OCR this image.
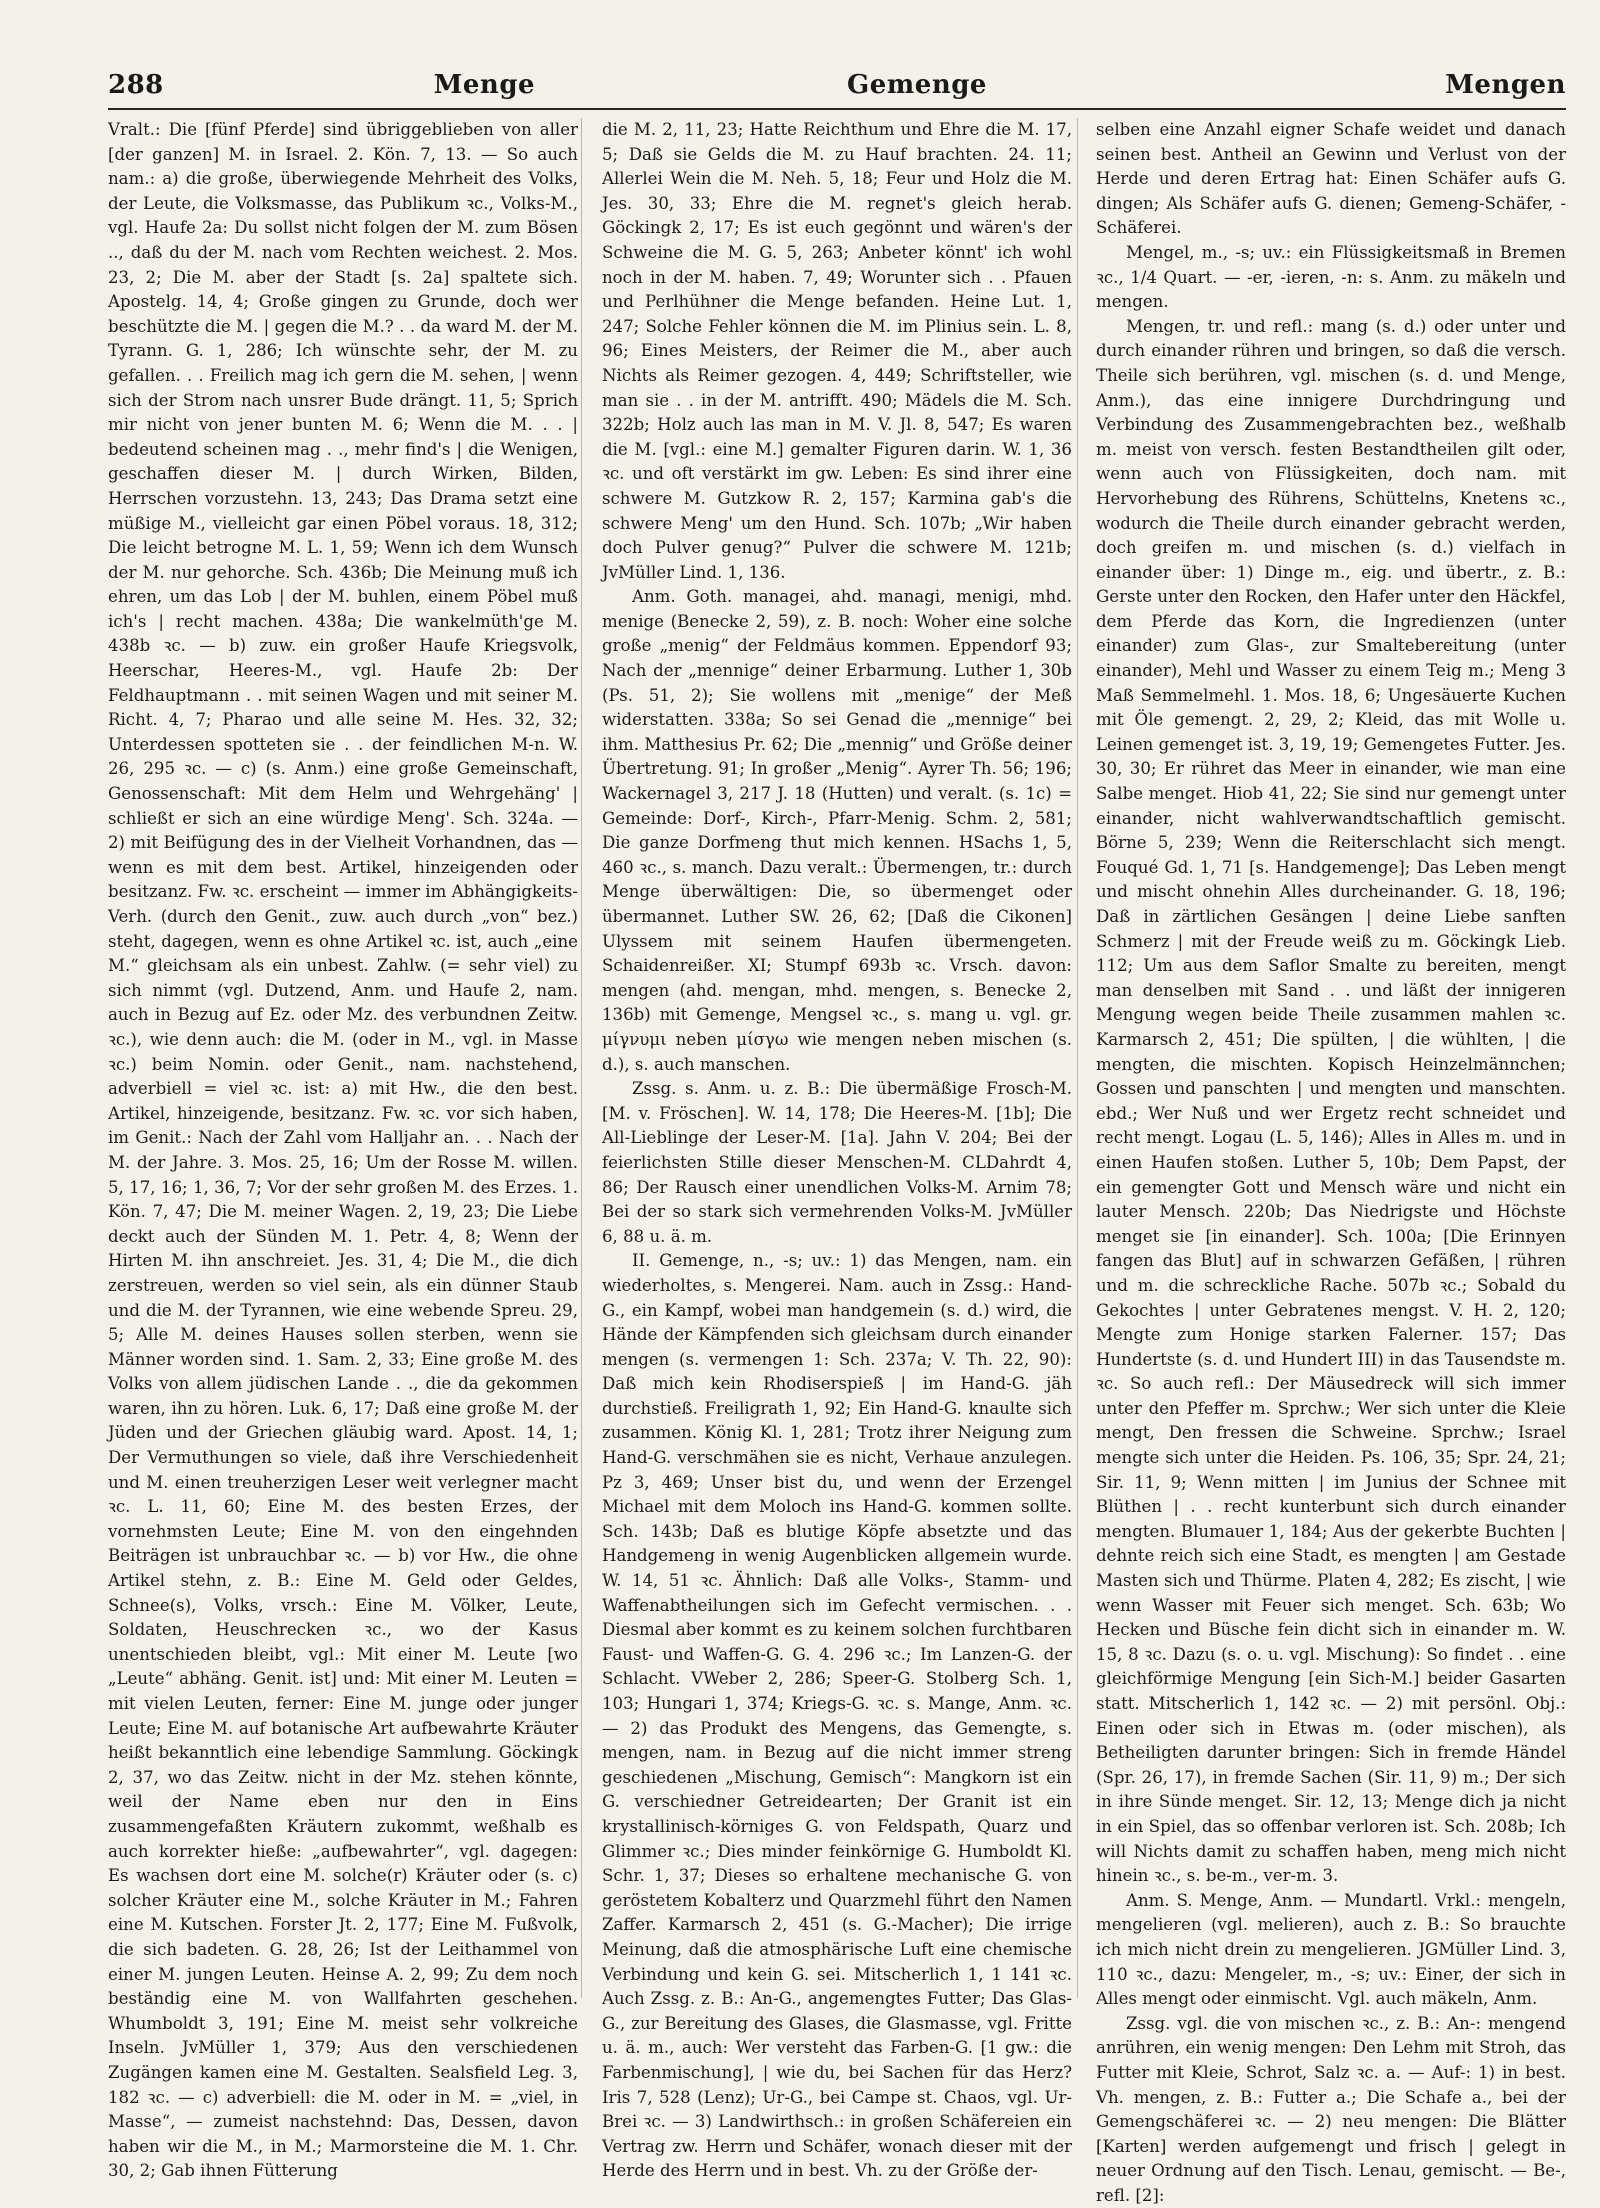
288	Menge	Gemenge	Mengen

Vralt.: Die [fünf Pferde] sind übriggeblieben von aller [der ganzen] M. in Israel. 2. Kön. 7, 13. — So auch nam.: a) die große, überwiegende Mehrheit des Volks, der Leute, die Volksmasse, das Publikum ꝛc., Volks-M., vgl. Haufe 2a: Du sollst nicht folgen der M. zum Bösen .., daß du der M. nach vom Rechten weichest. 2. Mos. 23, 2; Die M. aber der Stadt [s. 2a] spaltete sich. Apostelg. 14, 4; Große gingen zu Grunde, doch wer beschützte die M. | gegen die M.? . . da ward M. der M. Tyrann. G. 1, 286; Ich wünschte sehr, der M. zu gefallen. . . Freilich mag ich gern die M. sehen, | wenn sich der Strom nach unsrer Bude drängt. 11, 5; Sprich mir nicht von jener bunten M. 6; Wenn die M. . . | bedeutend scheinen mag . ., mehr find's | die Wenigen, geschaffen dieser M. | durch Wirken, Bilden, Herrschen vorzustehn. 13, 243; Das Drama setzt eine müßige M., vielleicht gar einen Pöbel voraus. 18, 312; Die leicht betrogne M. L. 1, 59; Wenn ich dem Wunsch der M. nur gehorche. Sch. 436b; Die Meinung muß ich ehren, um das Lob | der M. buhlen, einem Pöbel muß ich's | recht machen. 438a; Die wankelmüth'ge M. 438b ꝛc. — b) zuw. ein großer Haufe Kriegsvolk, Heerschar, Heeres-M., vgl. Haufe 2b: Der Feldhauptmann . . mit seinen Wagen und mit seiner M. Richt. 4, 7; Pharao und alle seine M. Hes. 32, 32; Unterdessen spotteten sie . . der feindlichen M-n. W. 26, 295 ꝛc. — c) (s. Anm.) eine große Gemeinschaft, Genossenschaft: Mit dem Helm und Wehrgehäng' | schließt er sich an eine würdige Meng'. Sch. 324a. — 2) mit Beifügung des in der Vielheit Vorhandnen, das — wenn es mit dem best. Artikel, hinzeigenden oder besitzanz. Fw. ꝛc. erscheint — immer im Abhängigkeits-Verh. (durch den Genit., zuw. auch durch „von“ bez.) steht, dagegen, wenn es ohne Artikel ꝛc. ist, auch „eine M.“ gleichsam als ein unbest. Zahlw. (= sehr viel) zu sich nimmt (vgl. Dutzend, Anm. und Haufe 2, nam. auch in Bezug auf Ez. oder Mz. des verbundnen Zeitw. ꝛc.), wie denn auch: die M. (oder in M., vgl. in Masse ꝛc.) beim Nomin. oder Genit., nam. nachstehend, adverbiell = viel ꝛc. ist: a) mit Hw., die den best. Artikel, hinzeigende, besitzanz. Fw. ꝛc. vor sich haben, im Genit.: Nach der Zahl vom Halljahr an. . . Nach der M. der Jahre. 3. Mos. 25, 16; Um der Rosse M. willen. 5, 17, 16; 1, 36, 7; Vor der sehr großen M. des Erzes. 1. Kön. 7, 47; Die M. meiner Wagen. 2, 19, 23; Die Liebe deckt auch der Sünden M. 1. Petr. 4, 8; Wenn der Hirten M. ihn anschreiet. Jes. 31, 4; Die M., die dich zerstreuen, werden so viel sein, als ein dünner Staub und die M. der Tyrannen, wie eine webende Spreu. 29, 5; Alle M. deines Hauses sollen sterben, wenn sie Männer worden sind. 1. Sam. 2, 33; Eine große M. des Volks von allem jüdischen Lande . ., die da gekommen waren, ihn zu hören. Luk. 6, 17; Daß eine große M. der Jüden und der Griechen gläubig ward. Apost. 14, 1; Der Vermuthungen so viele, daß ihre Verschiedenheit und M. einen treuherzigen Leser weit verlegner macht ꝛc. L. 11, 60; Eine M. des besten Erzes, der vornehmsten Leute; Eine M. von den eingehnden Beiträgen ist unbrauchbar ꝛc. — b) vor Hw., die ohne Artikel stehn, z. B.: Eine M. Geld oder Geldes, Schnee(s), Volks, vrsch.: Eine M. Völker, Leute, Soldaten, Heuschrecken ꝛc., wo der Kasus unentschieden bleibt, vgl.: Mit einer M. Leute [wo „Leute“ abhäng. Genit. ist] und: Mit einer M. Leuten = mit vielen Leuten, ferner: Eine M. junge oder junger Leute; Eine M. auf botanische Art aufbewahrte Kräuter heißt bekanntlich eine lebendige Sammlung. Göckingk 2, 37, wo das Zeitw. nicht in der Mz. stehen könnte, weil der Name eben nur den in Eins zusammengefaßten Kräutern zukommt, weßhalb es auch korrekter hieße: „aufbewahrter“, vgl. dagegen: Es wachsen dort eine M. solche(r) Kräuter oder (s. c) solcher Kräuter eine M., solche Kräuter in M.; Fahren eine M. Kutschen. Forster Jt. 2, 177; Eine M. Fußvolk, die sich badeten. G. 28, 26; Ist der Leithammel von einer M. jungen Leuten. Heinse A. 2, 99; Zu dem noch beständig eine M. von Wallfahrten geschehen. Whumboldt 3, 191; Eine M. meist sehr volkreiche Inseln. JvMüller 1, 379; Aus den verschiedenen Zugängen kamen eine M. Gestalten. Sealsfield Leg. 3, 182 ꝛc. — c) adverbiell: die M. oder in M. = „viel, in Masse“, — zumeist nachstehnd: Das, Dessen, davon haben wir die M., in M.; Marmorsteine die M. 1. Chr. 30, 2; Gab ihnen Fütterung

die M. 2, 11, 23; Hatte Reichthum und Ehre die M. 17, 5; Daß sie Gelds die M. zu Hauf brachten. 24. 11; Allerlei Wein die M. Neh. 5, 18; Feur und Holz die M. Jes. 30, 33; Ehre die M. regnet's gleich herab. Göckingk 2, 17; Es ist euch gegönnt und wären's der Schweine die M. G. 5, 263; Anbeter könnt' ich wohl noch in der M. haben. 7, 49; Worunter sich . . Pfauen und Perlhühner die Menge befanden. Heine Lut. 1, 247; Solche Fehler können die M. im Plinius sein. L. 8, 96; Eines Meisters, der Reimer die M., aber auch Nichts als Reimer gezogen. 4, 449; Schriftsteller, wie man sie . . in der M. antrifft. 490; Mädels die M. Sch. 322b; Holz auch las man in M. V. Jl. 8, 547; Es waren die M. [vgl.: eine M.] gemalter Figuren darin. W. 1, 36 ꝛc. und oft verstärkt im gw. Leben: Es sind ihrer eine schwere M. Gutzkow R. 2, 157; Karmina gab's die schwere Meng' um den Hund. Sch. 107b; „Wir haben doch Pulver genug?“ Pulver die schwere M. 121b; JvMüller Lind. 1, 136.

Anm. Goth. managei, ahd. managi, menigi, mhd. menige (Benecke 2, 59), z. B. noch: Woher eine solche große „menig“ der Feldmäus kommen. Eppendorf 93; Nach der „mennige“ deiner Erbarmung. Luther 1, 30b (Ps. 51, 2); Sie wollens mit „menige“ der Meß widerstatten. 338a; So sei Genad die „mennige“ bei ihm. Matthesius Pr. 62; Die „mennig“ und Größe deiner Übertretung. 91; In großer „Menig“. Ayrer Th. 56; 196; Wackernagel 3, 217 J. 18 (Hutten) und veralt. (s. 1c) = Gemeinde: Dorf-, Kirch-, Pfarr-Menig. Schm. 2, 581; Die ganze Dorfmeng thut mich kennen. HSachs 1, 5, 460 ꝛc., s. manch. Dazu veralt.: Übermengen, tr.: durch Menge überwältigen: Die, so übermenget oder übermannet. Luther SW. 26, 62; [Daß die Cikonen] Ulyssem mit seinem Haufen übermengeten. Schaidenreißer. XI; Stumpf 693b ꝛc. Vrsch. davon: mengen (ahd. mengan, mhd. mengen, s. Benecke 2, 136b) mit Gemenge, Mengsel ꝛc., s. mang u. vgl. gr. μίγνυμι neben μίσγω wie mengen neben mischen (s. d.), s. auch manschen.

Zssg. s. Anm. u. z. B.: Die übermäßige Frosch-M. [M. v. Fröschen]. W. 14, 178; Die Heeres-M. [1b]; Die All-Lieblinge der Leser-M. [1a]. Jahn V. 204; Bei der feierlichsten Stille dieser Menschen-M. CLDahrdt 4, 86; Der Rausch einer unendlichen Volks-M. Arnim 78; Bei der so stark sich vermehrenden Volks-M. JvMüller 6, 88 u. ä. m.

II. Gemenge, n., -s; uv.: 1) das Mengen, nam. ein wiederholtes, s. Mengerei. Nam. auch in Zssg.: Hand-G., ein Kampf, wobei man handgemein (s. d.) wird, die Hände der Kämpfenden sich gleichsam durch einander mengen (s. vermengen 1: Sch. 237a; V. Th. 22, 90): Daß mich kein Rhodiserspieß | im Hand-G. jäh durchstieß. Freiligrath 1, 92; Ein Hand-G. knaulte sich zusammen. König Kl. 1, 281; Trotz ihrer Neigung zum Hand-G. verschmähen sie es nicht, Verhaue anzulegen. Pz 3, 469; Unser bist du, und wenn der Erzengel Michael mit dem Moloch ins Hand-G. kommen sollte. Sch. 143b; Daß es blutige Köpfe absetzte und das Handgemeng in wenig Augenblicken allgemein wurde. W. 14, 51 ꝛc. Ähnlich: Daß alle Volks-, Stamm- und Waffenabtheilungen sich im Gefecht vermischen. . . Diesmal aber kommt es zu keinem solchen furchtbaren Faust- und Waffen-G. G. 4. 296 ꝛc.; Im Lanzen-G. der Schlacht. VWeber 2, 286; Speer-G. Stolberg Sch. 1, 103; Hungari 1, 374; Kriegs-G. ꝛc. s. Mange, Anm. ꝛc. — 2) das Produkt des Mengens, das Gemengte, s. mengen, nam. in Bezug auf die nicht immer streng geschiedenen „Mischung, Gemisch“: Mangkorn ist ein G. verschiedner Getreidearten; Der Granit ist ein krystallinisch-körniges G. von Feldspath, Quarz und Glimmer ꝛc.; Dies minder feinkörnige G. Humboldt Kl. Schr. 1, 37; Dieses so erhaltene mechanische G. von geröstetem Kobalterz und Quarzmehl führt den Namen Zaffer. Karmarsch 2, 451 (s. G.-Macher); Die irrige Meinung, daß die atmosphärische Luft eine chemische Verbindung und kein G. sei. Mitscherlich 1, 1 141 ꝛc. Auch Zssg. z. B.: An-G., angemengtes Futter; Das Glas-G., zur Bereitung des Glases, die Glasmasse, vgl. Fritte u. ä. m., auch: Wer versteht das Farben-G. [1 gw.: die Farbenmischung], | wie du, bei Sachen für das Herz? Iris 7, 528 (Lenz); Ur-G., bei Campe st. Chaos, vgl. Ur-Brei ꝛc. — 3) Landwirthsch.: in großen Schäfereien ein Vertrag zw. Herrn und Schäfer, wonach dieser mit der Herde des Herrn und in best. Vh. zu der Größe der-

selben eine Anzahl eigner Schafe weidet und danach seinen best. Antheil an Gewinn und Verlust von der Herde und deren Ertrag hat: Einen Schäfer aufs G. dingen; Als Schäfer aufs G. dienen; Gemeng-Schäfer, -Schäferei.

Mengel, m., -s; uv.: ein Flüssigkeitsmaß in Bremen ꝛc., 1/4 Quart. — -er, -ieren, -n: s. Anm. zu mäkeln und mengen.

Mengen, tr. und refl.: mang (s. d.) oder unter und durch einander rühren und bringen, so daß die versch. Theile sich berühren, vgl. mischen (s. d. und Menge, Anm.), das eine innigere Durchdringung und Verbindung des Zusammengebrachten bez., weßhalb m. meist von versch. festen Bestandtheilen gilt oder, wenn auch von Flüssigkeiten, doch nam. mit Hervorhebung des Rührens, Schüttelns, Knetens ꝛc., wodurch die Theile durch einander gebracht werden, doch greifen m. und mischen (s. d.) vielfach in einander über: 1) Dinge m., eig. und übertr., z. B.: Gerste unter den Rocken, den Hafer unter den Häckfel, dem Pferde das Korn, die Ingredienzen (unter einander) zum Glas-, zur Smaltebereitung (unter einander), Mehl und Wasser zu einem Teig m.; Meng 3 Maß Semmelmehl. 1. Mos. 18, 6; Ungesäuerte Kuchen mit Öle gemengt. 2, 29, 2; Kleid, das mit Wolle u. Leinen gemenget ist. 3, 19, 19; Gemengetes Futter. Jes. 30, 30; Er rühret das Meer in einander, wie man eine Salbe menget. Hiob 41, 22; Sie sind nur gemengt unter einander, nicht wahlverwandtschaftlich gemischt. Börne 5, 239; Wenn die Reiterschlacht sich mengt. Fouqué Gd. 1, 71 [s. Handgemenge]; Das Leben mengt und mischt ohnehin Alles durcheinander. G. 18, 196; Daß in zärtlichen Gesängen | deine Liebe sanften Schmerz | mit der Freude weiß zu m. Göckingk Lieb. 112; Um aus dem Saflor Smalte zu bereiten, mengt man denselben mit Sand . . und läßt der innigeren Mengung wegen beide Theile zusammen mahlen ꝛc. Karmarsch 2, 451; Die spülten, | die wühlten, | die mengten, die mischten. Kopisch Heinzelmännchen; Gossen und panschten | und mengten und manschten. ebd.; Wer Nuß und wer Ergetz recht schneidet und recht mengt. Logau (L. 5, 146); Alles in Alles m. und in einen Haufen stoßen. Luther 5, 10b; Dem Papst, der ein gemengter Gott und Mensch wäre und nicht ein lauter Mensch. 220b; Das Niedrigste und Höchste menget sie [in einander]. Sch. 100a; [Die Erinnyen fangen das Blut] auf in schwarzen Gefäßen, | rühren und m. die schreckliche Rache. 507b ꝛc.; Sobald du Gekochtes | unter Gebratenes mengst. V. H. 2, 120; Mengte zum Honige starken Falerner. 157; Das Hundertste (s. d. und Hundert III) in das Tausendste m. ꝛc. So auch refl.: Der Mäusedreck will sich immer unter den Pfeffer m. Sprchw.; Wer sich unter die Kleie mengt, Den fressen die Schweine. Sprchw.; Israel mengte sich unter die Heiden. Ps. 106, 35; Spr. 24, 21; Sir. 11, 9; Wenn mitten | im Junius der Schnee mit Blüthen | . . recht kunterbunt sich durch einander mengten. Blumauer 1, 184; Aus der gekerbte Buchten | dehnte reich sich eine Stadt, es mengten | am Gestade Masten sich und Thürme. Platen 4, 282; Es zischt, | wie wenn Wasser mit Feuer sich menget. Sch. 63b; Wo Hecken und Büsche fein dicht sich in einander m. W. 15, 8 ꝛc. Dazu (s. o. u. vgl. Mischung): So findet . . eine gleichförmige Mengung [ein Sich-M.] beider Gasarten statt. Mitscherlich 1, 142 ꝛc. — 2) mit persönl. Obj.: Einen oder sich in Etwas m. (oder mischen), als Betheiligten darunter bringen: Sich in fremde Händel (Spr. 26, 17), in fremde Sachen (Sir. 11, 9) m.; Der sich in ihre Sünde menget. Sir. 12, 13; Menge dich ja nicht in ein Spiel, das so offenbar verloren ist. Sch. 208b; Ich will Nichts damit zu schaffen haben, meng mich nicht hinein ꝛc., s. be-m., ver-m. 3.

Anm. S. Menge, Anm. — Mundartl. Vrkl.: mengeln, mengelieren (vgl. melieren), auch z. B.: So brauchte ich mich nicht drein zu mengelieren. JGMüller Lind. 3, 110 ꝛc., dazu: Mengeler, m., -s; uv.: Einer, der sich in Alles mengt oder einmischt. Vgl. auch mäkeln, Anm.

Zssg. vgl. die von mischen ꝛc., z. B.: An-: mengend anrühren, ein wenig mengen: Den Lehm mit Stroh, das Futter mit Kleie, Schrot, Salz ꝛc. a. — Auf-: 1) in best. Vh. mengen, z. B.: Futter a.; Die Schafe a., bei der Gemengschäferei ꝛc. — 2) neu mengen: Die Blätter [Karten] werden aufgemengt und frisch | gelegt in neuer Ordnung auf den Tisch. Lenau, gemischt. — Be-, refl. [2]:
